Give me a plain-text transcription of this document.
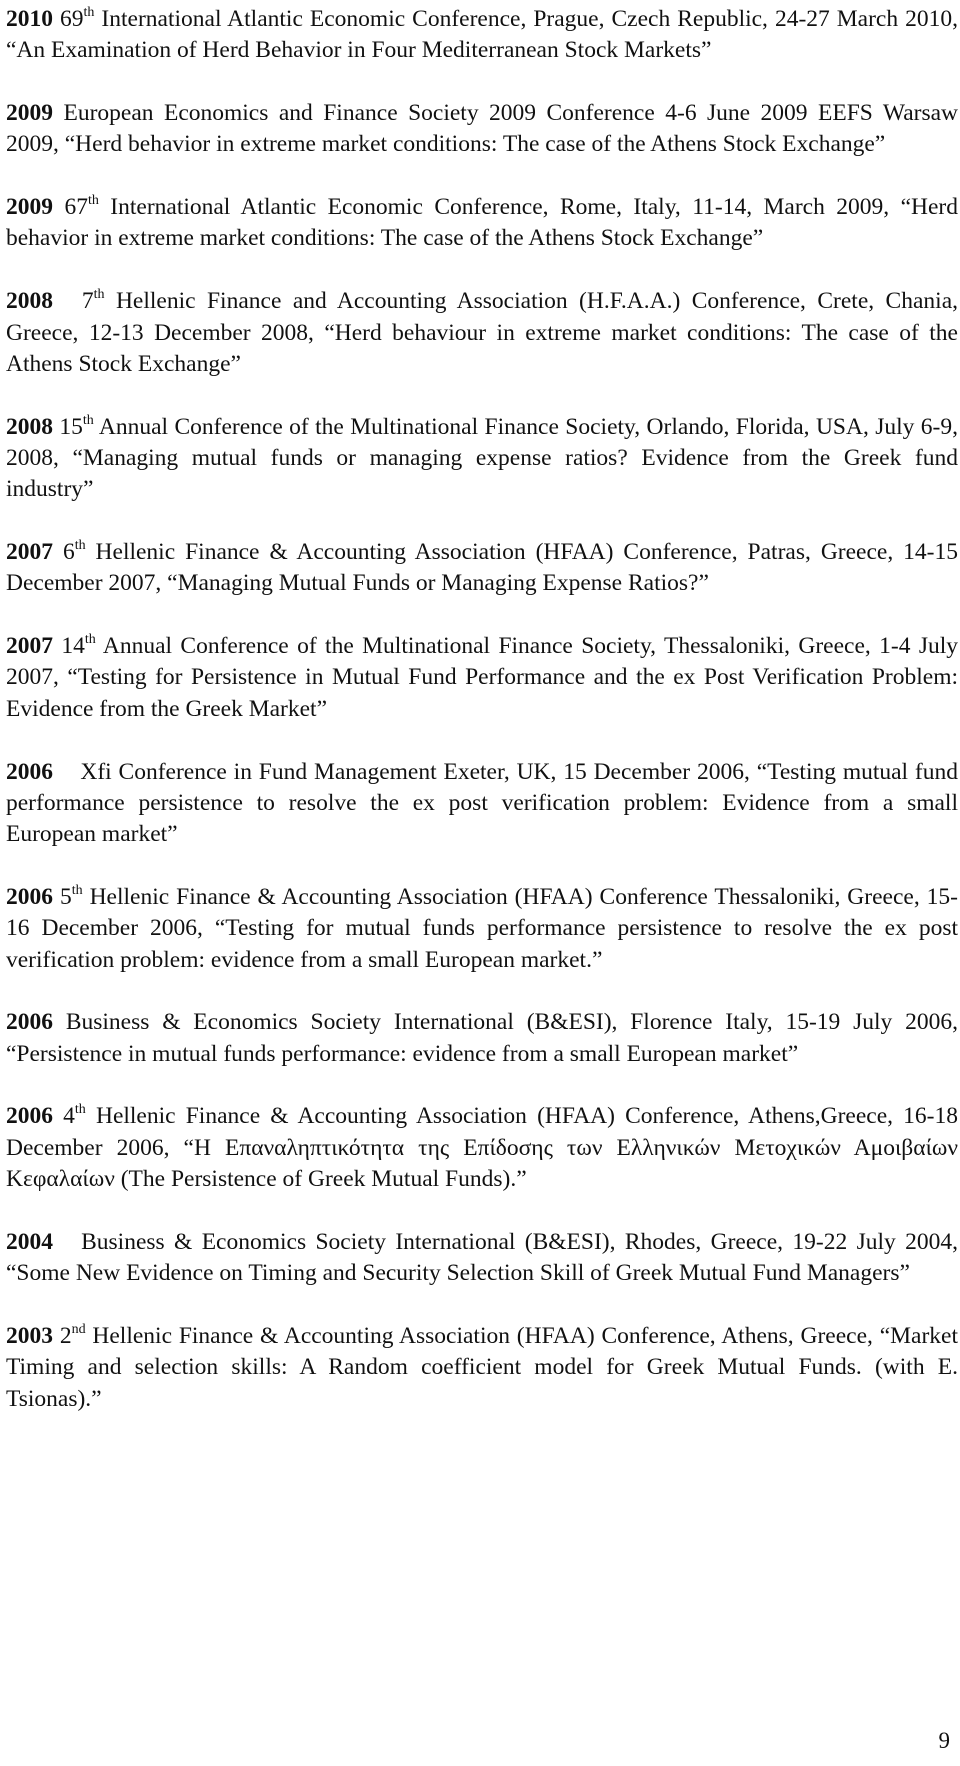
2010 69th International Atlantic Economic Conference, Prague, Czech Republic, 24-27 March 2010, “An Examination of Herd Behavior in Four Mediterranean Stock Markets”

2009 European Economics and Finance Society 2009 Conference 4-6 June 2009 EEFS Warsaw 2009, “Herd behavior in extreme market conditions: The case of the Athens Stock Exchange”

2009 67th International Atlantic Economic Conference, Rome, Italy, 11-14, March 2009, “Herd behavior in extreme market conditions: The case of the Athens Stock Exchange”

2008 7th Hellenic Finance and Accounting Association (H.F.A.A.) Conference, Crete, Chania, Greece, 12-13 December 2008, “Herd behaviour in extreme market conditions: The case of the Athens Stock Exchange”

2008 15th Annual Conference of the Multinational Finance Society, Orlando, Florida, USA, July 6-9, 2008, “Managing mutual funds or managing expense ratios? Evidence from the Greek fund industry”

2007 6th Hellenic Finance & Accounting Association (HFAA) Conference, Patras, Greece, 14-15 December 2007, “Managing Mutual Funds or Managing Expense Ratios?”

2007 14th Annual Conference of the Multinational Finance Society, Thessaloniki, Greece, 1-4 July 2007, “Testing for Persistence in Mutual Fund Performance and the ex Post Verification Problem: Evidence from the Greek Market”

2006 Xfi Conference in Fund Management Exeter, UK, 15 December 2006, “Testing mutual fund performance persistence to resolve the ex post verification problem: Evidence from a small European market”

2006 5th Hellenic Finance & Accounting Association (HFAA) Conference Thessaloniki, Greece, 15-16 December 2006, “Testing for mutual funds performance persistence to resolve the ex post verification problem: evidence from a small European market.”

2006 Business & Economics Society International (B&ESI), Florence Italy, 15-19 July 2006, “Persistence in mutual funds performance: evidence from a small European market”

2006 4th Hellenic Finance & Accounting Association (HFAA) Conference, Athens,Greece, 16-18 December 2006, “Η Επαναληπτικότητα της Επίδοσης των Ελληνικών Μετοχικών Αμοιβαίων Κεφαλαίων (The Persistence of Greek Mutual Funds).”

2004 Business & Economics Society International (B&ESI), Rhodes, Greece, 19-22 July 2004, “Some New Evidence on Timing and Security Selection Skill of Greek Mutual Fund Managers”

2003 2nd Hellenic Finance & Accounting Association (HFAA) Conference, Athens, Greece, “Market Timing and selection skills: A Random coefficient model for Greek Mutual Funds. (with E. Tsionas).”

9
